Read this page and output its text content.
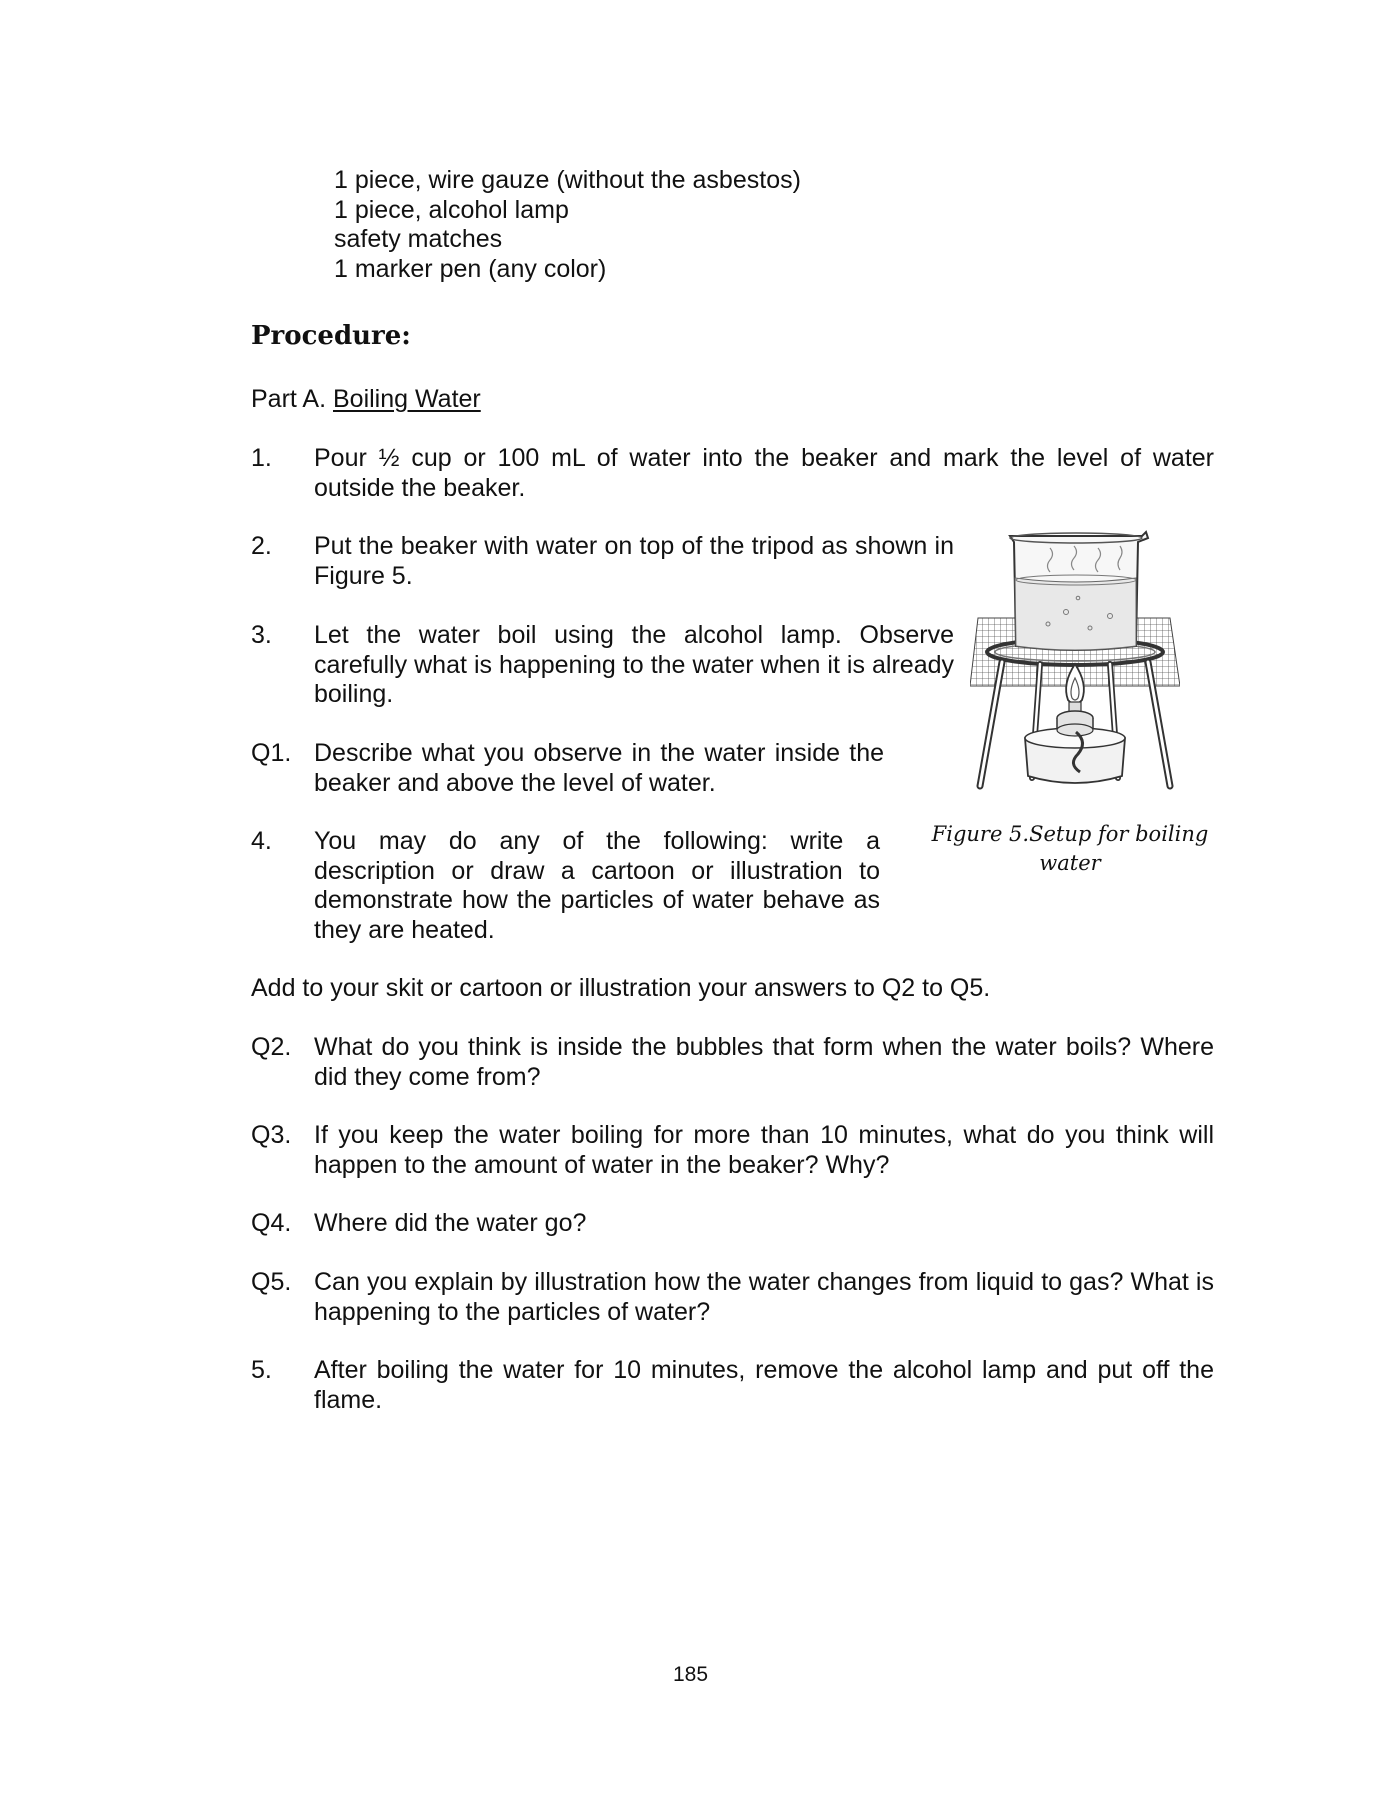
1 piece, wire gauze (without the asbestos)
1 piece, alcohol lamp
safety matches
1 marker pen (any color)
Procedure:
Part A. Boiling Water
1.	Pour ½ cup or 100 mL of water into the beaker and mark the level of water outside the beaker.
2.	Put the beaker with water on top of the tripod as shown in Figure 5.
3.	Let the water boil using the alcohol lamp. Observe carefully what is happening to the water when it is already boiling.
Q1. Describe what you observe in the water inside the beaker and above the level of water.
4.	You may do any of the following: write a description or draw a cartoon or illustration to demonstrate how the particles of water behave as they are heated.
Add to your skit or cartoon or illustration your answers to Q2 to Q5.
Q2. What do you think is inside the bubbles that form when the water boils? Where did they come from?
Q3. If you keep the water boiling for more than 10 minutes, what do you think will happen to the amount of water in the beaker? Why?
Q4. Where did the water go?
Q5. Can you explain by illustration how the water changes from liquid to gas? What is happening to the particles of water?
5.	After boiling the water for 10 minutes, remove the alcohol lamp and put off the flame.
Figure 5.Setup for boiling water
185
